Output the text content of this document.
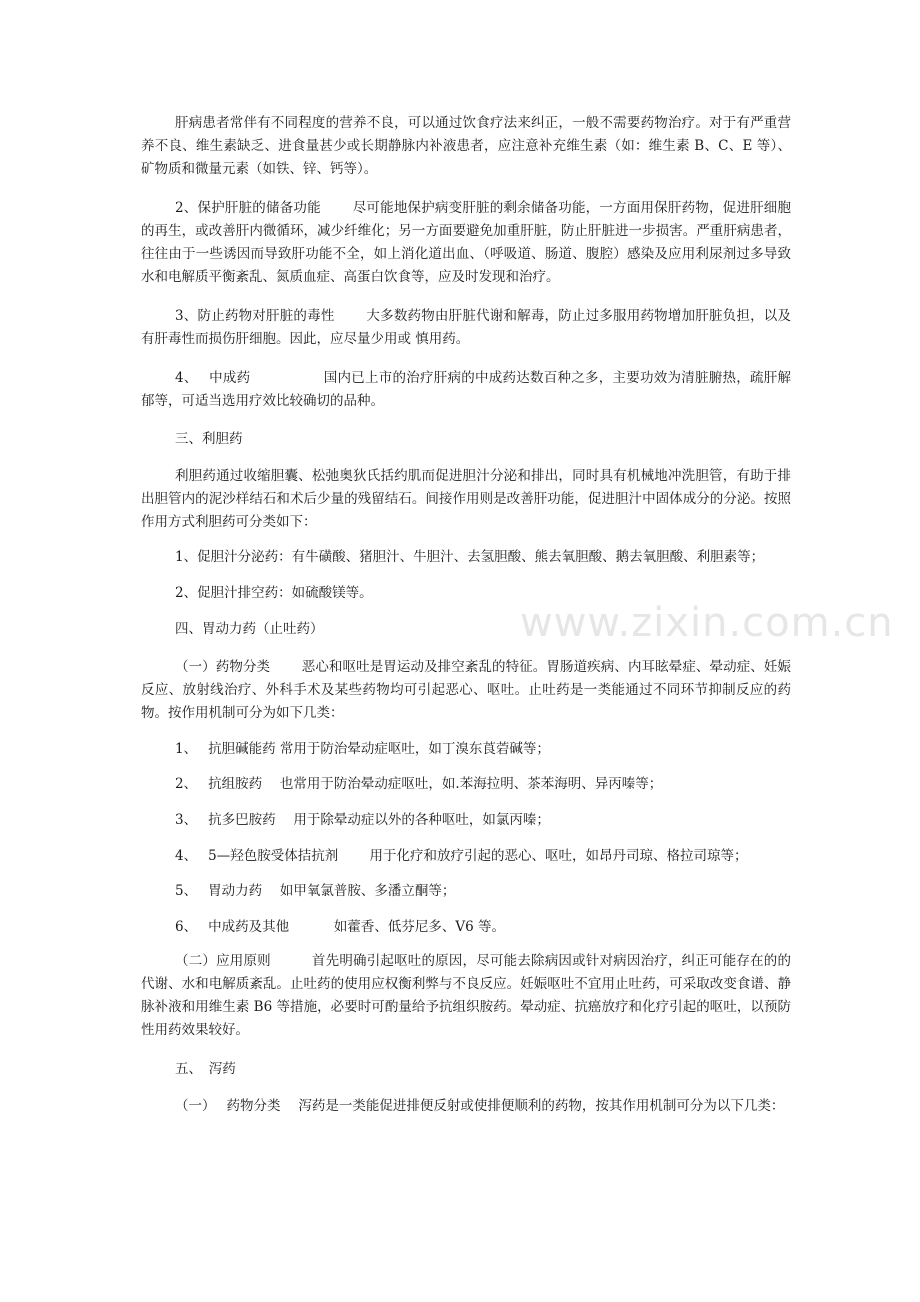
www.zixin.com.cn

肝病患者常伴有不同程度的营养不良，可以通过饮食疗法来纠正，一般不需要药物治疗。对于有严重营养不良、维生素缺乏、进食量甚少或长期静脉内补液患者，应注意补充维生素（如：维生素 B、C、E 等）、矿物质和微量元素（如铁、锌、钙等）。

2、保护肝脏的储备功能　　 尽可能地保护病变肝脏的剩余储备功能，一方面用保肝药物，促进肝细胞的再生，或改善肝内微循环，减少纤维化；另一方面要避免加重肝脏，防止肝脏进一步损害。严重肝病患者，往往由于一些诱因而导致肝功能不全，如上消化道出血、（呼吸道、肠道、腹腔）感染及应用利尿剂过多导致水和电解质平衡紊乱、氮质血症、高蛋白饮食等，应及时发现和治疗。

3、防止药物对肝脏的毒性　　 大多数药物由肝脏代谢和解毒，防止过多服用药物增加肝脏负担，以及有肝毒性而损伤肝细胞。因此，应尽量少用或 慎用药。

4、　 中成药　　　　　 国内已上市的治疗肝病的中成药达数百种之多，主要功效为清脏腑热，疏肝解郁等，可适当选用疗效比较确切的品种。

三、利胆药

利胆药通过收缩胆囊、松弛奥狄氏括约肌而促进胆汁分泌和排出，同时具有机械地冲洗胆管，有助于排出胆管内的泥沙样结石和术后少量的残留结石。间接作用则是改善肝功能，促进胆汁中固体成分的分泌。按照作用方式利胆药可分类如下：

1、促胆汁分泌药：有牛磺酸、猪胆汁、牛胆汁、去氢胆酸、熊去氧胆酸、鹅去氧胆酸、利胆素等；

2、促胆汁排空药：如硫酸镁等。

四、胃动力药（止吐药）

（一）药物分类　　 恶心和呕吐是胃运动及排空紊乱的特征。胃肠道疾病、内耳眩晕症、晕动症、妊娠反应、放射线治疗、外科手术及某些药物均可引起恶心、呕吐。止吐药是一类能通过不同环节抑制反应的药物。按作用机制可分为如下几类：

1、　 抗胆碱能药 常用于防治晕动症呕吐，如丁溴东莨菪碱等；

2、　 抗组胺药　 也常用于防治晕动症呕吐，如.苯海拉明、茶苯海明、异丙嗪等；

3、　 抗多巴胺药　 用于除晕动症以外的各种呕吐，如氯丙嗪；

4、　 5—羟色胺受体拮抗剂　　 用于化疗和放疗引起的恶心、呕吐，如昂丹司琼、格拉司琼等；

5、　 胃动力药　 如甲氧氯普胺、多潘立酮等；

6、　 中成药及其他　　　 如藿香、低芬尼多、V6 等。

（二）应用原则　　　首先明确引起呕吐的原因，尽可能去除病因或针对病因治疗，纠正可能存在的的代谢、水和电解质紊乱。止吐药的使用应权衡利弊与不良反应。妊娠呕吐不宜用止吐药，可采取改变食谱、静脉补液和用维生素 B6 等措施，必要时可酌量给予抗组织胺药。晕动症、抗癌放疗和化疗引起的呕吐，以预防性用药效果较好。

五、　泻药

（一）　 药物分类　 泻药是一类能促进排便反射或使排便顺利的药物，按其作用机制可分为以下几类：
